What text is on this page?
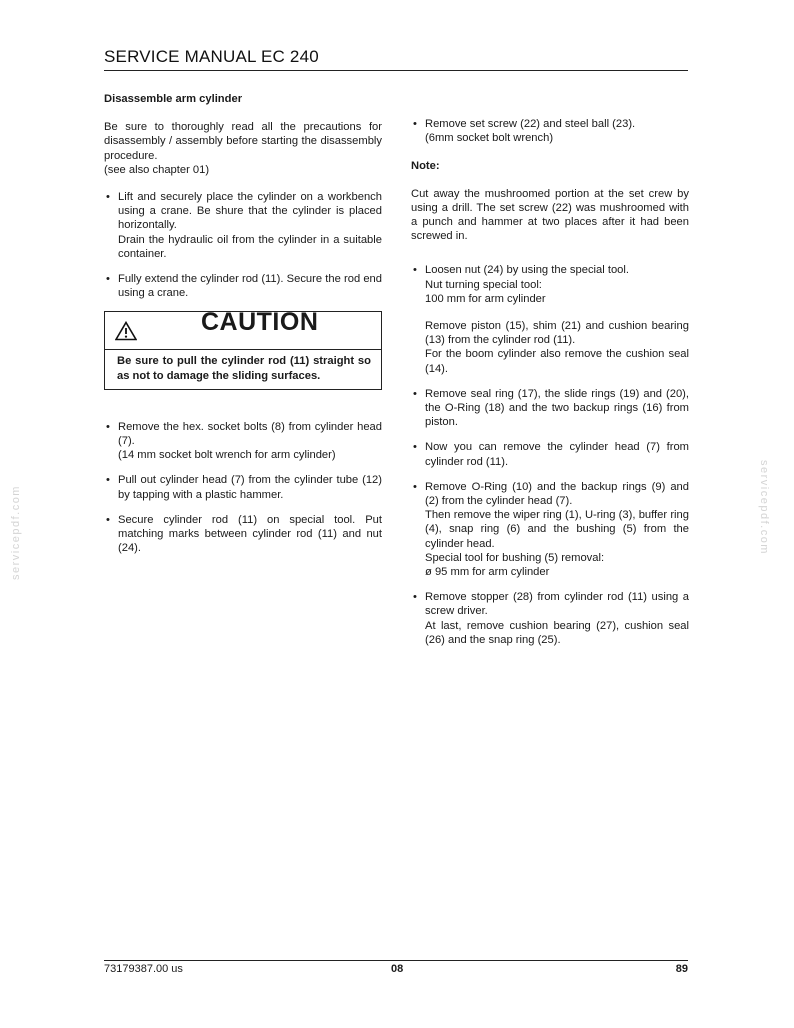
SERVICE MANUAL EC 240
Disassemble arm cylinder
Be sure to thoroughly read all the precautions for disassembly / assembly before starting the disassembly procedure.
(see also chapter 01)
• Lift and securely place the cylinder on a workbench using a crane. Be shure that the cylinder is placed horizontally.
Drain the hydraulic oil from the cylinder in a suitable container.
• Fully extend the cylinder rod (11). Secure the rod end using a crane.
CAUTION
Be sure to pull the cylinder rod (11) straight so as not to damage the sliding surfaces.
• Remove the hex. socket bolts (8) from cylinder head (7).
(14 mm socket bolt wrench for arm cylinder)
• Pull out cylinder head (7) from the cylinder tube (12) by tapping with a plastic hammer.
• Secure cylinder rod (11) on special tool. Put matching marks between cylinder rod (11) and nut (24).
• Remove set screw (22) and steel ball (23).
(6mm socket bolt wrench)
Note:
Cut away the mushroomed portion at the set crew by using a drill. The set screw (22) was mushroomed with a punch and hammer at two places after it had been screwed in.
• Loosen nut (24) by using the special tool.
Nut turning special tool:
100 mm for arm cylinder
Remove piston (15), shim (21) and cushion bearing (13) from the cylinder rod (11).
For the boom cylinder also remove the cushion seal (14).
• Remove seal ring (17), the slide rings (19) and (20), the O-Ring (18) and the two backup rings (16) from piston.
• Now you can remove the cylinder head (7) from cylinder rod (11).
• Remove O-Ring (10) and the backup rings (9) and (2) from the cylinder head (7).
Then remove the wiper ring (1), U-ring (3), buffer ring (4), snap ring (6) and the bushing (5) from the cylinder head.
Special tool for bushing (5) removal:
ø 95 mm for arm cylinder
• Remove stopper (28) from cylinder rod (11) using a screw driver.
At last, remove cushion bearing (27), cushion seal (26) and the snap ring (25).
servicepdf.com	servicepdf.com
73179387.00 us	08	89
